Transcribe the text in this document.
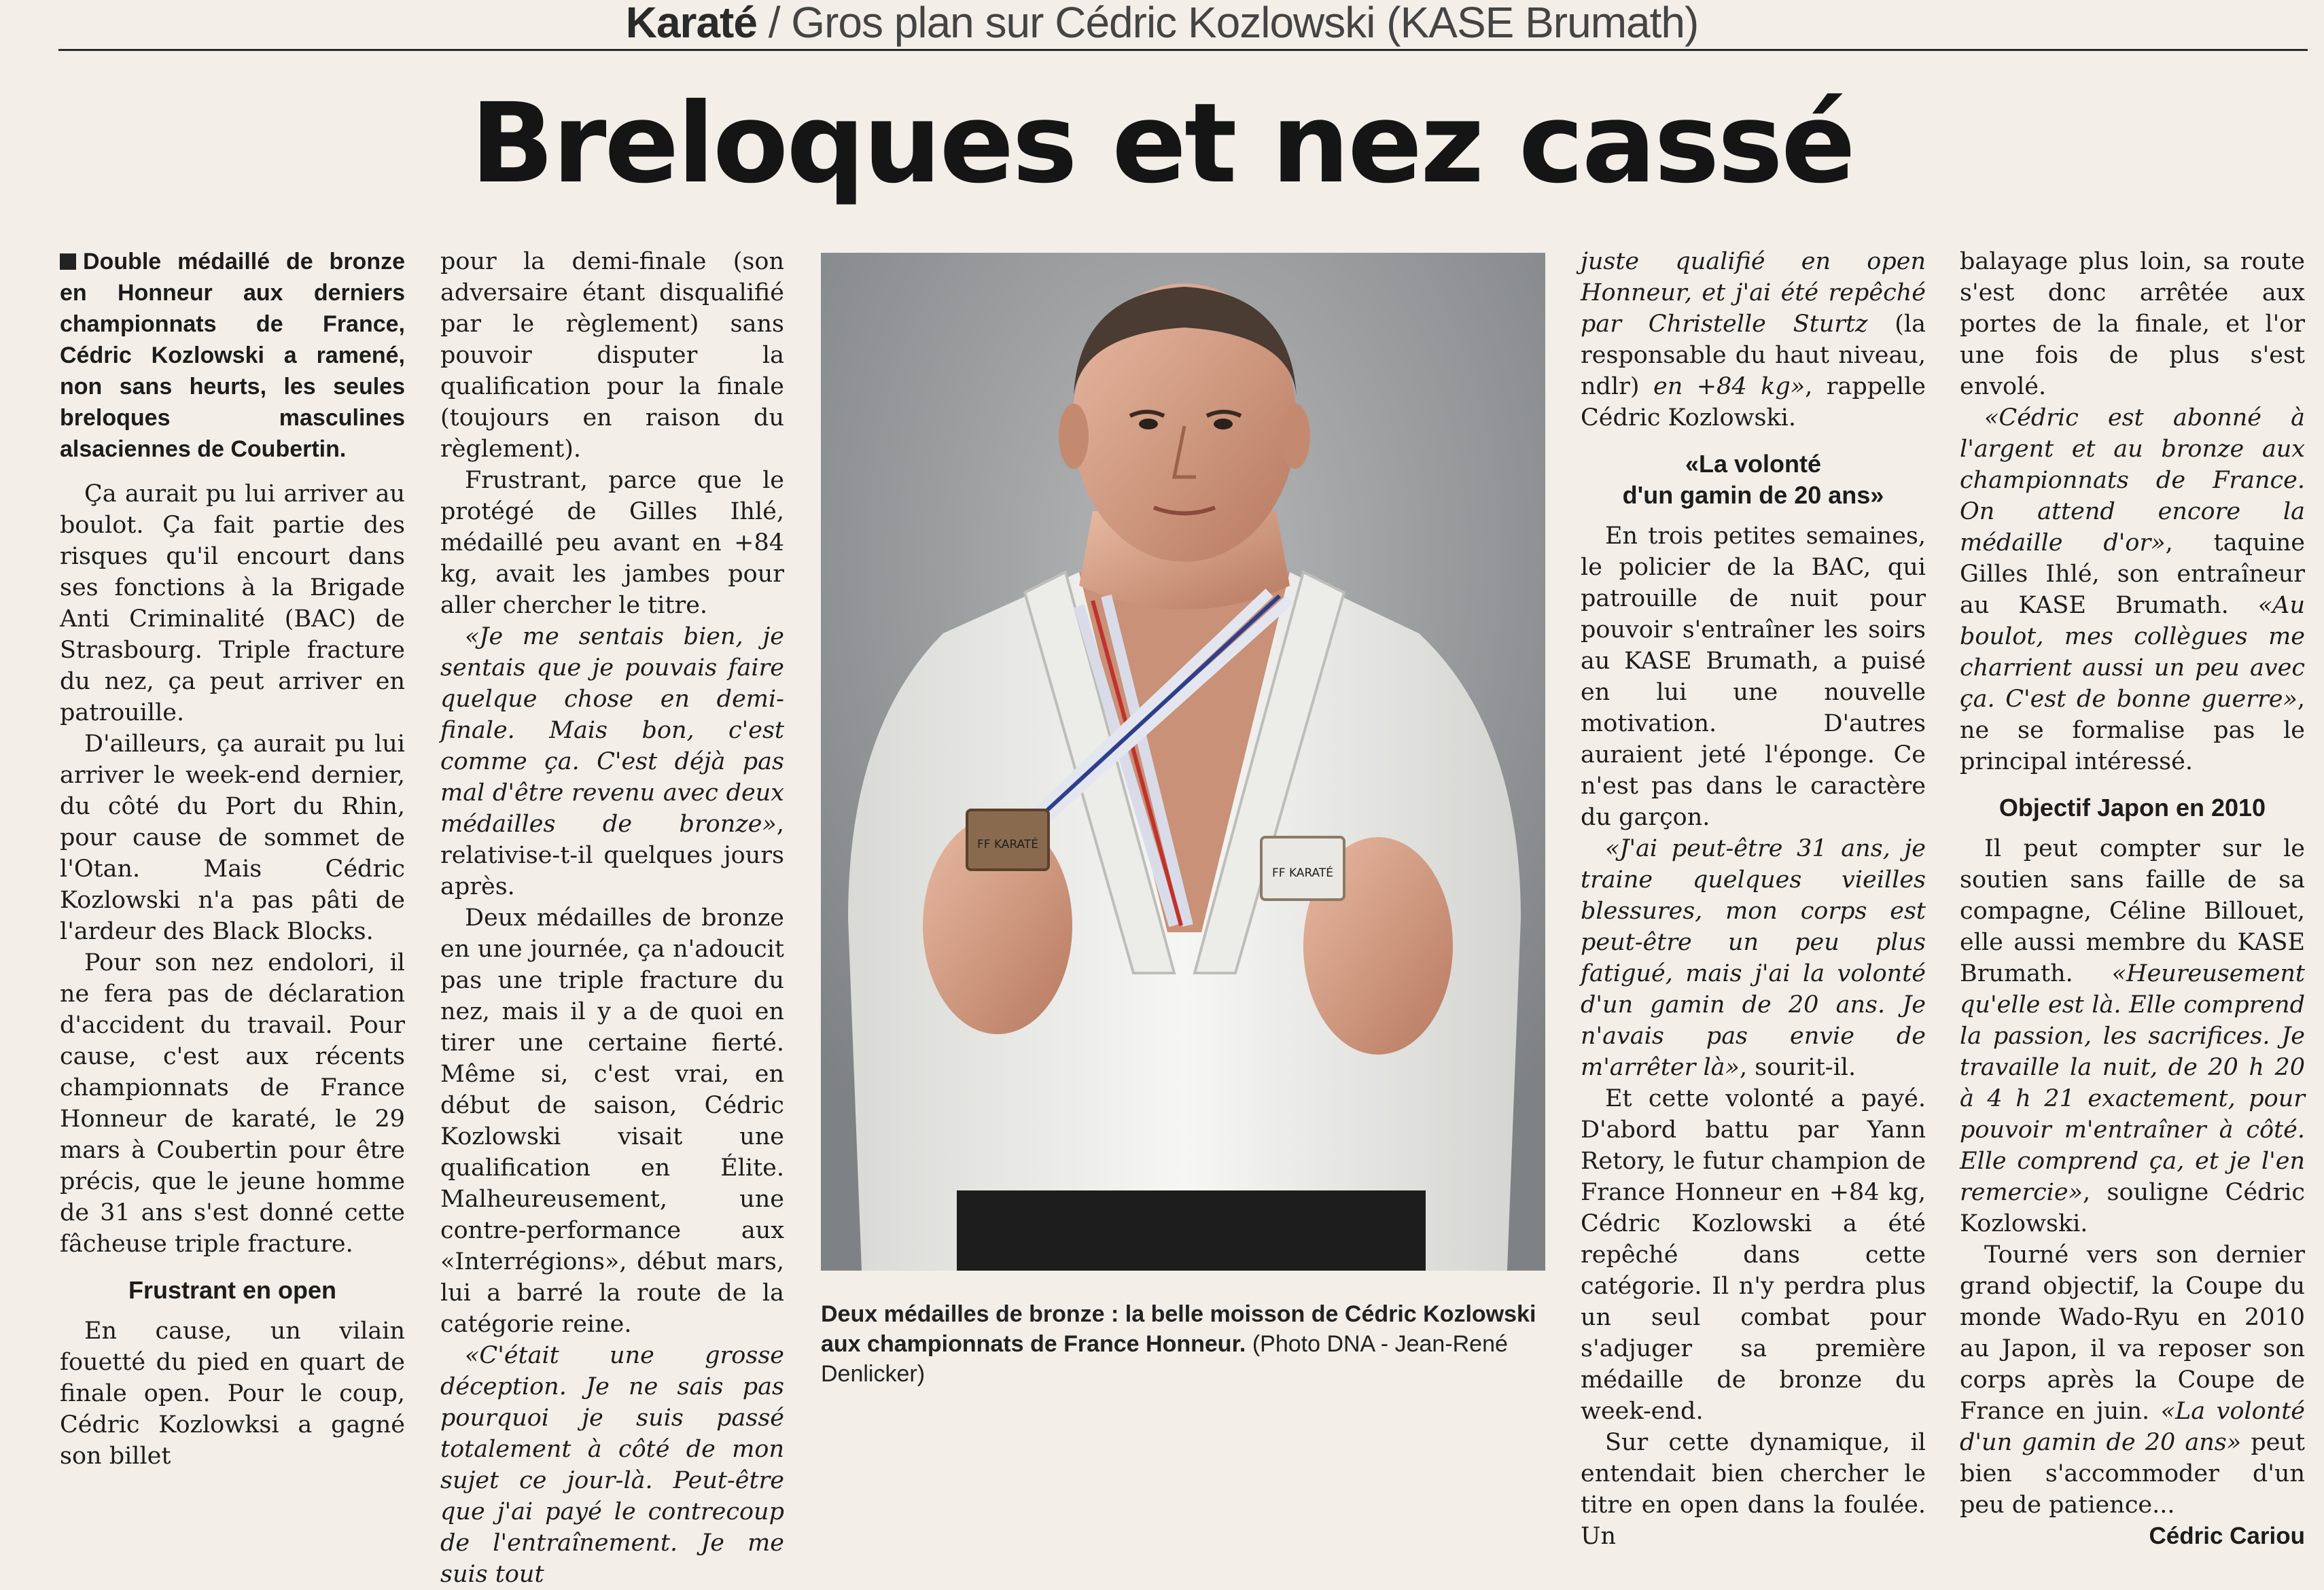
Karaté / Gros plan sur Cédric Kozlowski (KASE Brumath)
Breloques et nez cassé

Double médaillé de bronze en Honneur aux derniers championnats de France, Cédric Kozlowski a ramené, non sans heurts, les seules breloques masculines alsaciennes de Coubertin.

Ça aurait pu lui arriver au boulot. Ça fait partie des risques qu'il encourt dans ses fonctions à la Brigade Anti Criminalité (BAC) de Strasbourg. Triple fracture du nez, ça peut arriver en patrouille.

D'ailleurs, ça aurait pu lui arriver le week-end dernier, du côté du Port du Rhin, pour cause de sommet de l'Otan. Mais Cédric Kozlowski n'a pas pâti de l'ardeur des Black Blocks.

Pour son nez endolori, il ne fera pas de déclaration d'accident du travail. Pour cause, c'est aux récents championnats de France Honneur de karaté, le 29 mars à Coubertin pour être précis, que le jeune homme de 31 ans s'est donné cette fâcheuse triple fracture.

Frustrant en open

En cause, un vilain fouetté du pied en quart de finale open. Pour le coup, Cédric Kozlowksi a gagné son billet

pour la demi-finale (son adversaire étant disqualifié par le règlement) sans pouvoir disputer la qualification pour la finale (toujours en raison du règlement).

Frustrant, parce que le protégé de Gilles Ihlé, médaillé peu avant en +84 kg, avait les jambes pour aller chercher le titre.

«Je me sentais bien, je sentais que je pouvais faire quelque chose en demi-finale. Mais bon, c'est comme ça. C'est déjà pas mal d'être revenu avec deux médailles de bronze», relativise-t-il quelques jours après.

Deux médailles de bronze en une journée, ça n'adoucit pas une triple fracture du nez, mais il y a de quoi en tirer une certaine fierté. Même si, c'est vrai, en début de saison, Cédric Kozlowski visait une qualification en Élite. Malheureusement, une contre-performance aux «Interrégions», début mars, lui a barré la route de la catégorie reine.

«C'était une grosse déception. Je ne sais pas pourquoi je suis passé totalement à côté de mon sujet ce jour-là. Peut-être que j'ai payé le contrecoup de l'entraînement. Je me suis tout

FF KARATÉ
FF KARATÉ
Deux médailles de bronze : la belle moisson de Cédric Kozlowski aux championnats de France Honneur. (Photo DNA - Jean-René Denlicker)

juste qualifié en open Honneur, et j'ai été repêché par Christelle Sturtz (la responsable du haut niveau, ndlr) en +84 kg», rappelle Cédric Kozlowski.

«La volonté
d'un gamin de 20 ans»

En trois petites semaines, le policier de la BAC, qui patrouille de nuit pour pouvoir s'entraîner les soirs au KASE Brumath, a puisé en lui une nouvelle motivation. D'autres auraient jeté l'éponge. Ce n'est pas dans le caractère du garçon.

«J'ai peut-être 31 ans, je traine quelques vieilles blessures, mon corps est peut-être un peu plus fatigué, mais j'ai la volonté d'un gamin de 20 ans. Je n'avais pas envie de m'arrêter là», sourit-il.

Et cette volonté a payé. D'abord battu par Yann Retory, le futur champion de France Honneur en +84 kg, Cédric Kozlowski a été repêché dans cette catégorie. Il n'y perdra plus un seul combat pour s'adjuger sa première médaille de bronze du week-end.

Sur cette dynamique, il entendait bien chercher le titre en open dans la foulée. Un

balayage plus loin, sa route s'est donc arrêtée aux portes de la finale, et l'or une fois de plus s'est envolé.

«Cédric est abonné à l'argent et au bronze aux championnats de France. On attend encore la médaille d'or», taquine Gilles Ihlé, son entraîneur au KASE Brumath. «Au boulot, mes collègues me charrient aussi un peu avec ça. C'est de bonne guerre», ne se formalise pas le principal intéressé.

Objectif Japon en 2010

Il peut compter sur le soutien sans faille de sa compagne, Céline Billouet, elle aussi membre du KASE Brumath. «Heureusement qu'elle est là. Elle comprend la passion, les sacrifices. Je travaille la nuit, de 20 h 20 à 4 h 21 exactement, pour pouvoir m'entraîner à côté. Elle comprend ça, et je l'en remercie», souligne Cédric Kozlowski.

Tourné vers son dernier grand objectif, la Coupe du monde Wado-Ryu en 2010 au Japon, il va reposer son corps après la Coupe de France en juin. «La volonté d'un gamin de 20 ans» peut bien s'accommoder d'un peu de patience...

Cédric Cariou
